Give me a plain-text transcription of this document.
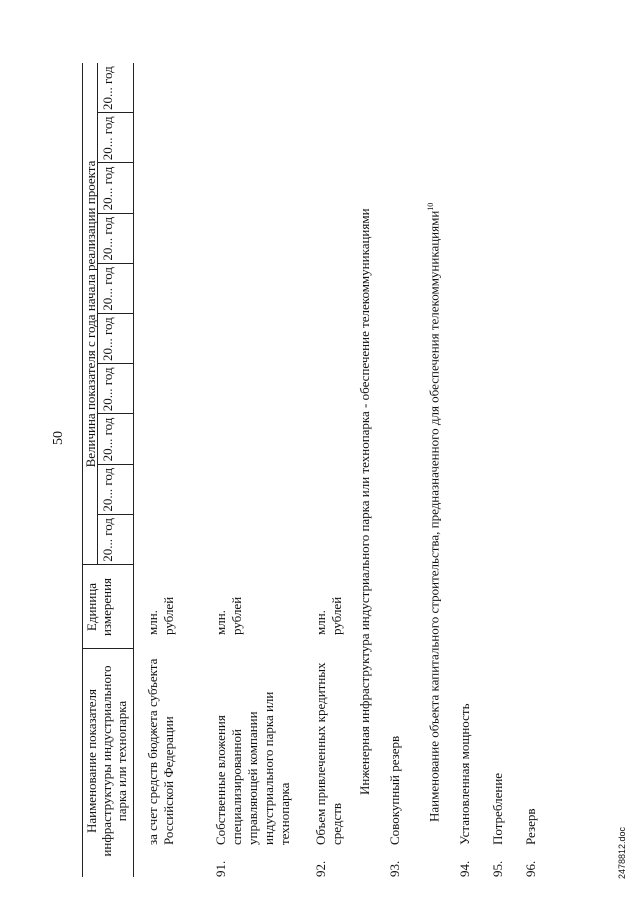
50
Наименование показателя инфраструктуры индустриального парка или технопарка
Единица измерения
Величина показателя с года начала реализации проекта
20... год
20... год
20... год
20... год
20... год
20... год
20... год
20... год
20... год
20... год
за счет средств бюджета субъекта Российской Федерации
млн. рублей
91.
Собственные вложения специализированной управляющей компании индустриального парка или технопарка
млн. рублей
92.
Объем привлеченных кредитных средств
млн. рублей Инженерная инфраструктура индустриального парка или технопарка - обеспечение телекоммуникациями
93.
Совокупный резерв Наименование объекта капитального строительства, предназначенного для обеспечения телекоммуникациями$^{10}$
94.
Установленная мощность
95.
Потребление
96.
Резерв
2478812.doc
